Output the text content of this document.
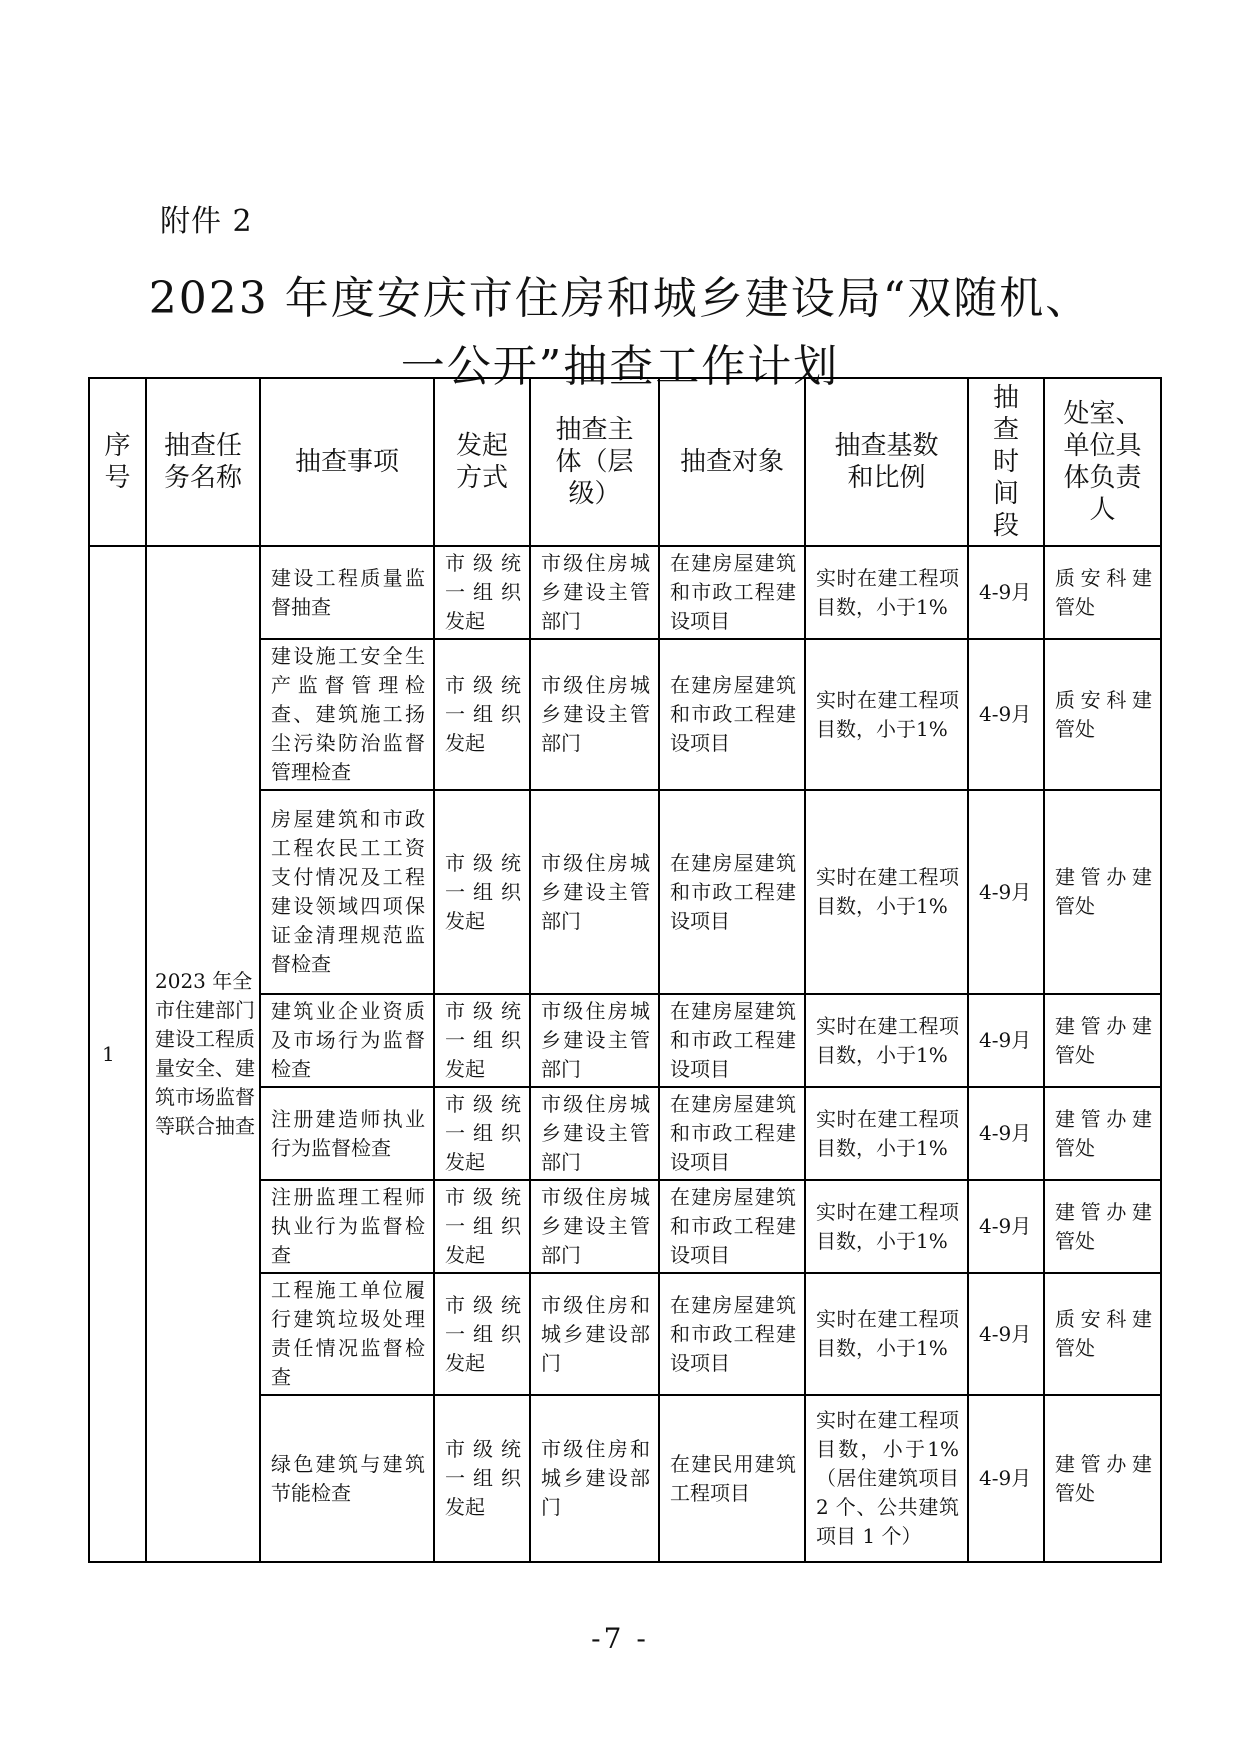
附件 2
2023 年度安庆市住房和城乡建设局“双随机、
一公开”抽查工作计划
序号	抽查任务名称	抽查事项	发起方式	抽查主体（层级）	抽查对象	抽查基数和比例	抽查时间段	处室、单位具体负责人
1	2023 年全市住建部门建设工程质量安全、建筑市场监督等联合抽查	建设工程质量监督抽查	市级统一组织发起	市级住房城乡建设主管部门	在建房屋建筑和市政工程建设项目	实时在建工程项目数，小于1%	4-9月	质安科建管处

		建设施工安全生产监督管理检查、建筑施工扬尘污染防治监督管理检查	市级统一组织发起	市级住房城乡建设主管部门	在建房屋建筑和市政工程建设项目	实时在建工程项目数，小于1%	4-9月	质安科建管处

		房屋建筑和市政工程农民工工资支付情况及工程建设领域四项保证金清理规范监督检查	市级统一组织发起	市级住房城乡建设主管部门	在建房屋建筑和市政工程建设项目	实时在建工程项目数，小于1%	4-9月	建管办建管处

		建筑业企业资质及市场行为监督检查	市级统一组织发起	市级住房城乡建设主管部门	在建房屋建筑和市政工程建设项目	实时在建工程项目数，小于1%	4-9月	建管办建管处

		注册建造师执业行为监督检查	市级统一组织发起	市级住房城乡建设主管部门	在建房屋建筑和市政工程建设项目	实时在建工程项目数，小于1%	4-9月	建管办建管处

		注册监理工程师执业行为监督检查	市级统一组织发起	市级住房城乡建设主管部门	在建房屋建筑和市政工程建设项目	实时在建工程项目数，小于1%	4-9月	建管办建管处

		工程施工单位履行建筑垃圾处理责任情况监督检查	市级统一组织发起	市级住房和城乡建设部门	在建房屋建筑和市政工程建设项目	实时在建工程项目数，小于1%	4-9月	质安科建管处

		绿色建筑与建筑节能检查	市级统一组织发起	市级住房和城乡建设部门	在建民用建筑工程项目	实时在建工程项目数，小于1%（居住建筑项目 2 个、公共建筑项目 1 个）	4-9月	建管办建管处
-7 -
